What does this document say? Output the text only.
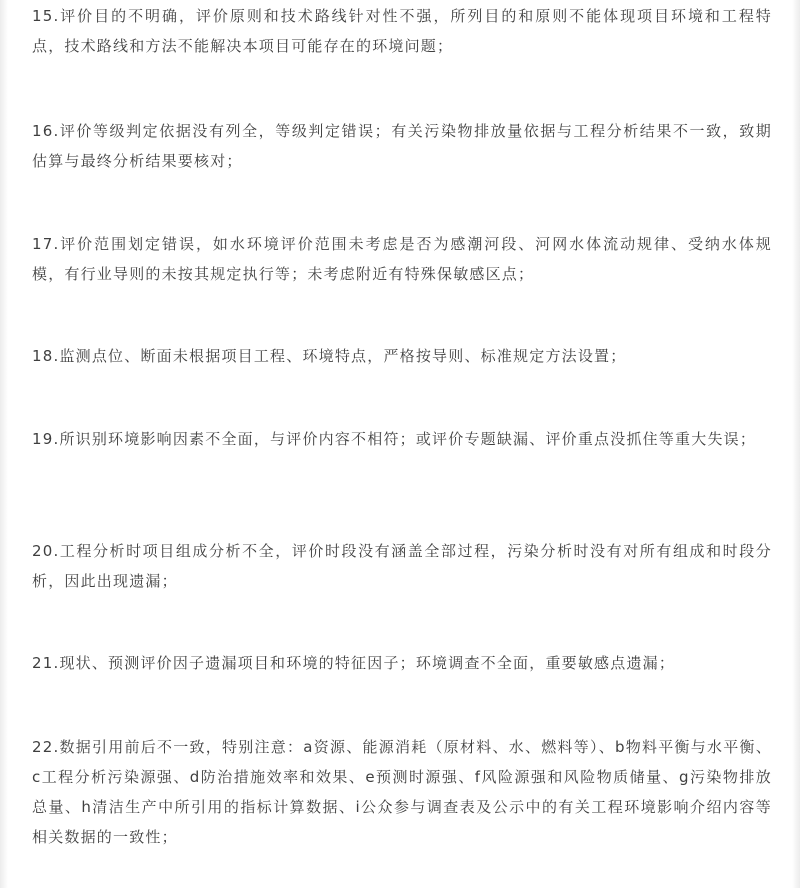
15.评价目的不明确，评价原则和技术路线针对性不强，所列目的和原则不能体现项目环境和工程特点，技术路线和方法不能解决本项目可能存在的环境问题；

16.评价等级判定依据没有列全，等级判定错误；有关污染物排放量依据与工程分析结果不一致，致期估算与最终分析结果要核对；

17.评价范围划定错误，如水环境评价范围未考虑是否为感潮河段、河网水体流动规律、受纳水体规模，有行业导则的未按其规定执行等；未考虑附近有特殊保敏感区点；

18.监测点位、断面未根据项目工程、环境特点，严格按导则、标准规定方法设置；

19.所识别环境影响因素不全面，与评价内容不相符；或评价专题缺漏、评价重点没抓住等重大失误；

20.工程分析时项目组成分析不全，评价时段没有涵盖全部过程，污染分析时没有对所有组成和时段分析，因此出现遗漏；

21.现状、预测评价因子遗漏项目和环境的特征因子；环境调查不全面，重要敏感点遗漏；

22.数据引用前后不一致，特别注意：a资源、能源消耗（原材料、水、燃料等）、b物料平衡与水平衡、c工程分析污染源强、d防治措施效率和效果、e预测时源强、f风险源强和风险物质储量、g污染物排放总量、h清洁生产中所引用的指标计算数据、i公众参与调查表及公示中的有关工程环境影响介绍内容等相关数据的一致性；
